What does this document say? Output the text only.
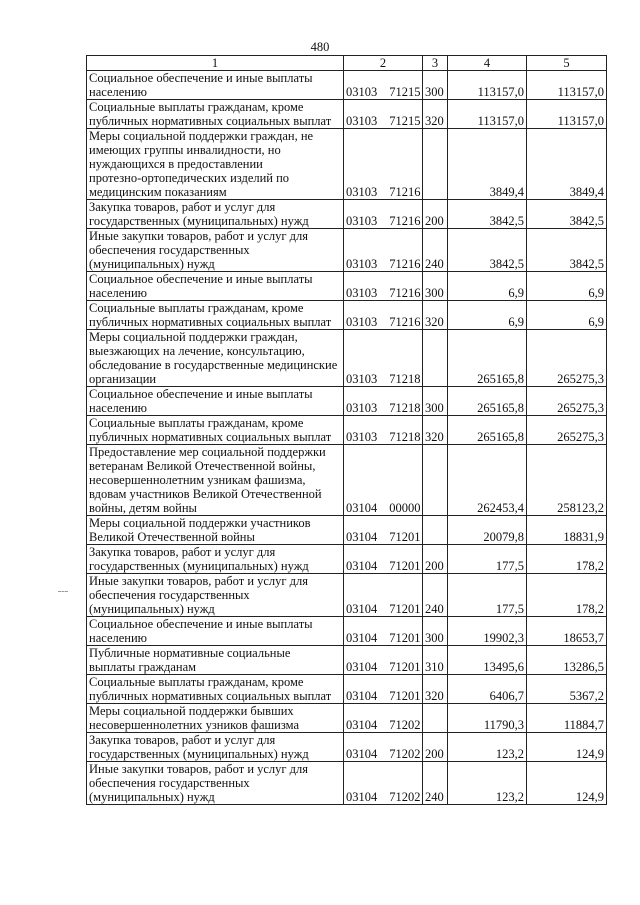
480
1	2	3	4	5
Социальное обеспечение и иные выплаты
населению	03103 71215	300	113157,0	113157,0
Социальные выплаты гражданам, кроме
публичных нормативных социальных выплат	03103 71215	320	113157,0	113157,0
Меры социальной поддержки граждан, не
имеющих группы инвалидности, но
нуждающихся в предоставлении
протезно-ортопедических изделий по
медицинским показаниям	03103 71216		3849,4	3849,4
Закупка товаров, работ и услуг для
государственных (муниципальных) нужд	03103 71216	200	3842,5	3842,5
Иные закупки товаров, работ и услуг для
обеспечения государственных
(муниципальных) нужд	03103 71216	240	3842,5	3842,5
Социальное обеспечение и иные выплаты
населению	03103 71216	300	6,9	6,9
Социальные выплаты гражданам, кроме
публичных нормативных социальных выплат	03103 71216	320	6,9	6,9
Меры социальной поддержки граждан,
выезжающих на лечение, консультацию,
обследование в государственные медицинские
организации	03103 71218		265165,8	265275,3
Социальное обеспечение и иные выплаты
населению	03103 71218	300	265165,8	265275,3
Социальные выплаты гражданам, кроме
публичных нормативных социальных выплат	03103 71218	320	265165,8	265275,3
Предоставление мер социальной поддержки
ветеранам Великой Отечественной войны,
несовершеннолетним узникам фашизма,
вдовам участников Великой Отечественной
войны, детям войны	03104 00000		262453,4	258123,2
Меры социальной поддержки участников
Великой Отечественной войны	03104 71201		20079,8	18831,9
Закупка товаров, работ и услуг для
государственных (муниципальных) нужд	03104 71201	200	177,5	178,2
Иные закупки товаров, работ и услуг для
обеспечения государственных
(муниципальных) нужд	03104 71201	240	177,5	178,2
Социальное обеспечение и иные выплаты
населению	03104 71201	300	19902,3	18653,7
Публичные нормативные социальные
выплаты гражданам	03104 71201	310	13495,6	13286,5
Социальные выплаты гражданам, кроме
публичных нормативных социальных выплат	03104 71201	320	6406,7	5367,2
Меры социальной поддержки бывших
несовершеннолетних узников фашизма	03104 71202		11790,3	11884,7
Закупка товаров, работ и услуг для
государственных (муниципальных) нужд	03104 71202	200	123,2	124,9
Иные закупки товаров, работ и услуг для
обеспечения государственных
(муниципальных) нужд	03104 71202	240	123,2	124,9
